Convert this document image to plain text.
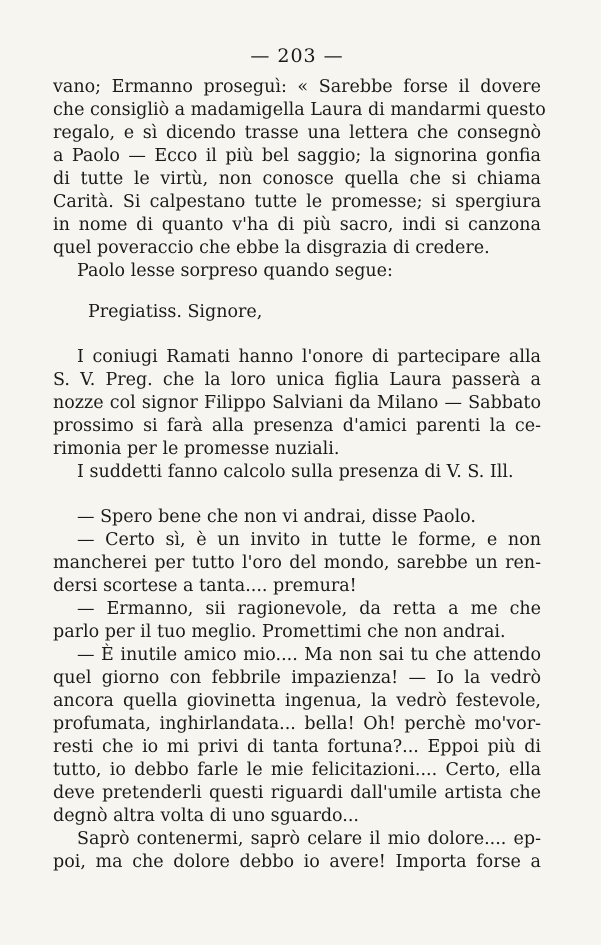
— 203 —
vano; Ermanno proseguì: « Sarebbe forse il dovere
che consigliò a madamigella Laura di mandarmi questo
regalo, e sì dicendo trasse una lettera che consegnò
a Paolo — Ecco il più bel saggio; la signorina gonfia
di tutte le virtù, non conosce quella che si chiama
Carità. Si calpestano tutte le promesse; si spergiura
in nome di quanto v'ha di più sacro, indi si canzona
quel poveraccio che ebbe la disgrazia di credere.
Paolo lesse sorpreso quando segue:
Pregiatiss. Signore,
I coniugi Ramati hanno l'onore di partecipare alla
S. V. Preg. che la loro unica figlia Laura passerà a
nozze col signor Filippo Salviani da Milano — Sabbato
prossimo si farà alla presenza d'amici parenti la ce-
rimonia per le promesse nuziali.
I suddetti fanno calcolo sulla presenza di V. S. Ill.
— Spero bene che non vi andrai, disse Paolo.
— Certo sì, è un invito in tutte le forme, e non
mancherei per tutto l'oro del mondo, sarebbe un ren-
dersi scortese a tanta.... premura!
— Ermanno, sii ragionevole, da retta a me che
parlo per il tuo meglio. Promettimi che non andrai.
— È inutile amico mio.... Ma non sai tu che attendo
quel giorno con febbrile impazienza! — Io la vedrò
ancora quella giovinetta ingenua, la vedrò festevole,
profumata, inghirlandata... bella! Oh! perchè mo'vor-
resti che io mi privi di tanta fortuna?... Eppoi più di
tutto, io debbo farle le mie felicitazioni.... Certo, ella
deve pretenderli questi riguardi dall'umile artista che
degnò altra volta di uno sguardo...
Saprò contenermi, saprò celare il mio dolore.... ep-
poi, ma che dolore debbo io avere! Importa forse a
